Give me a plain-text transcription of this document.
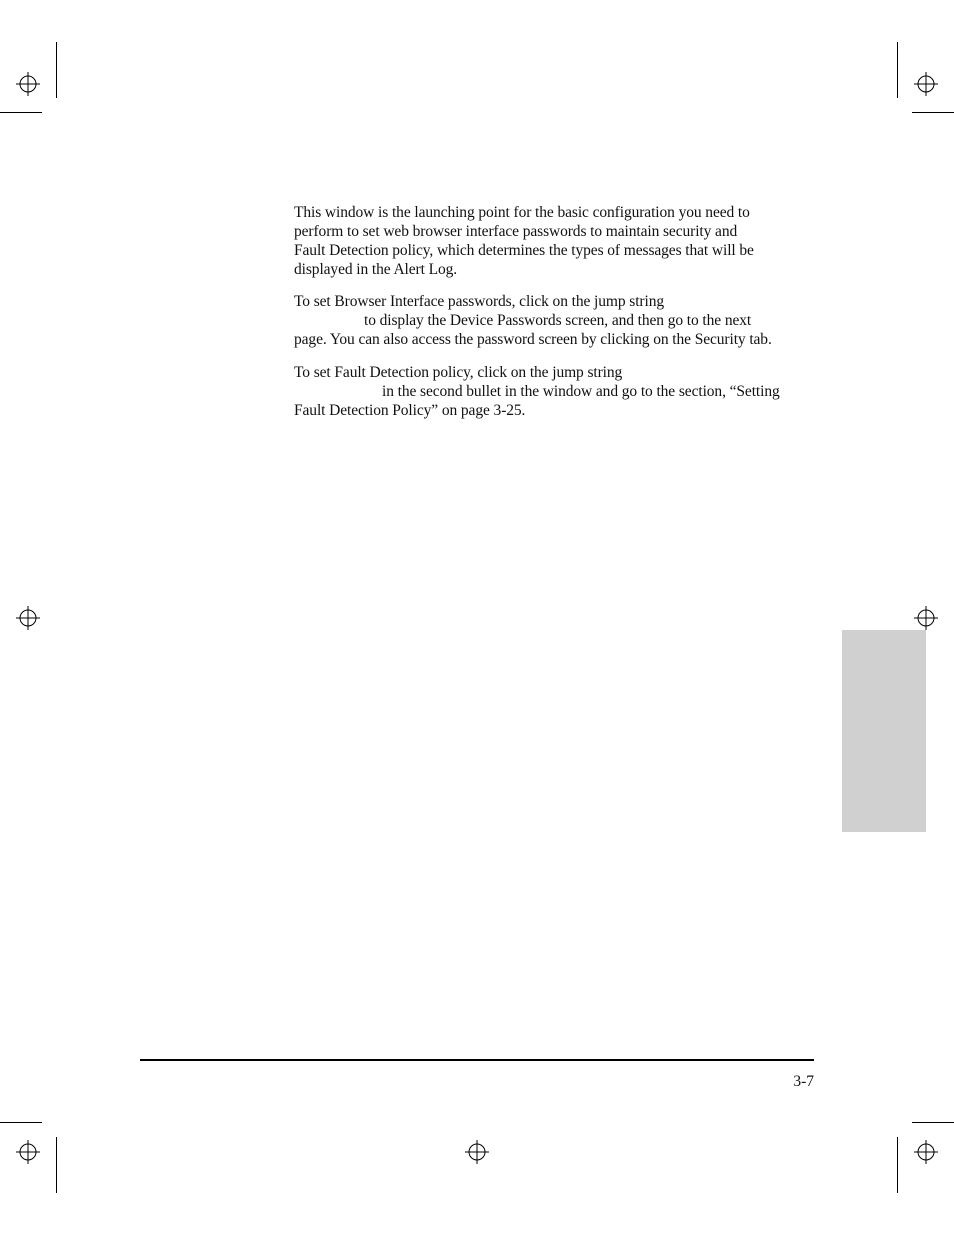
This window is the launching point for the basic configuration you need to
perform to set web browser interface passwords to maintain security and
Fault Detection policy, which determines the types of messages that will be
displayed in the Alert Log.

To set Browser Interface passwords, click on the jump string
to display the Device Passwords screen, and then go to the next
page. You can also access the password screen by clicking on the Security tab.

To set Fault Detection policy, click on the jump string
in the second bullet in the window and go to the section, “Setting
Fault Detection Policy” on page 3-25.

3-7
